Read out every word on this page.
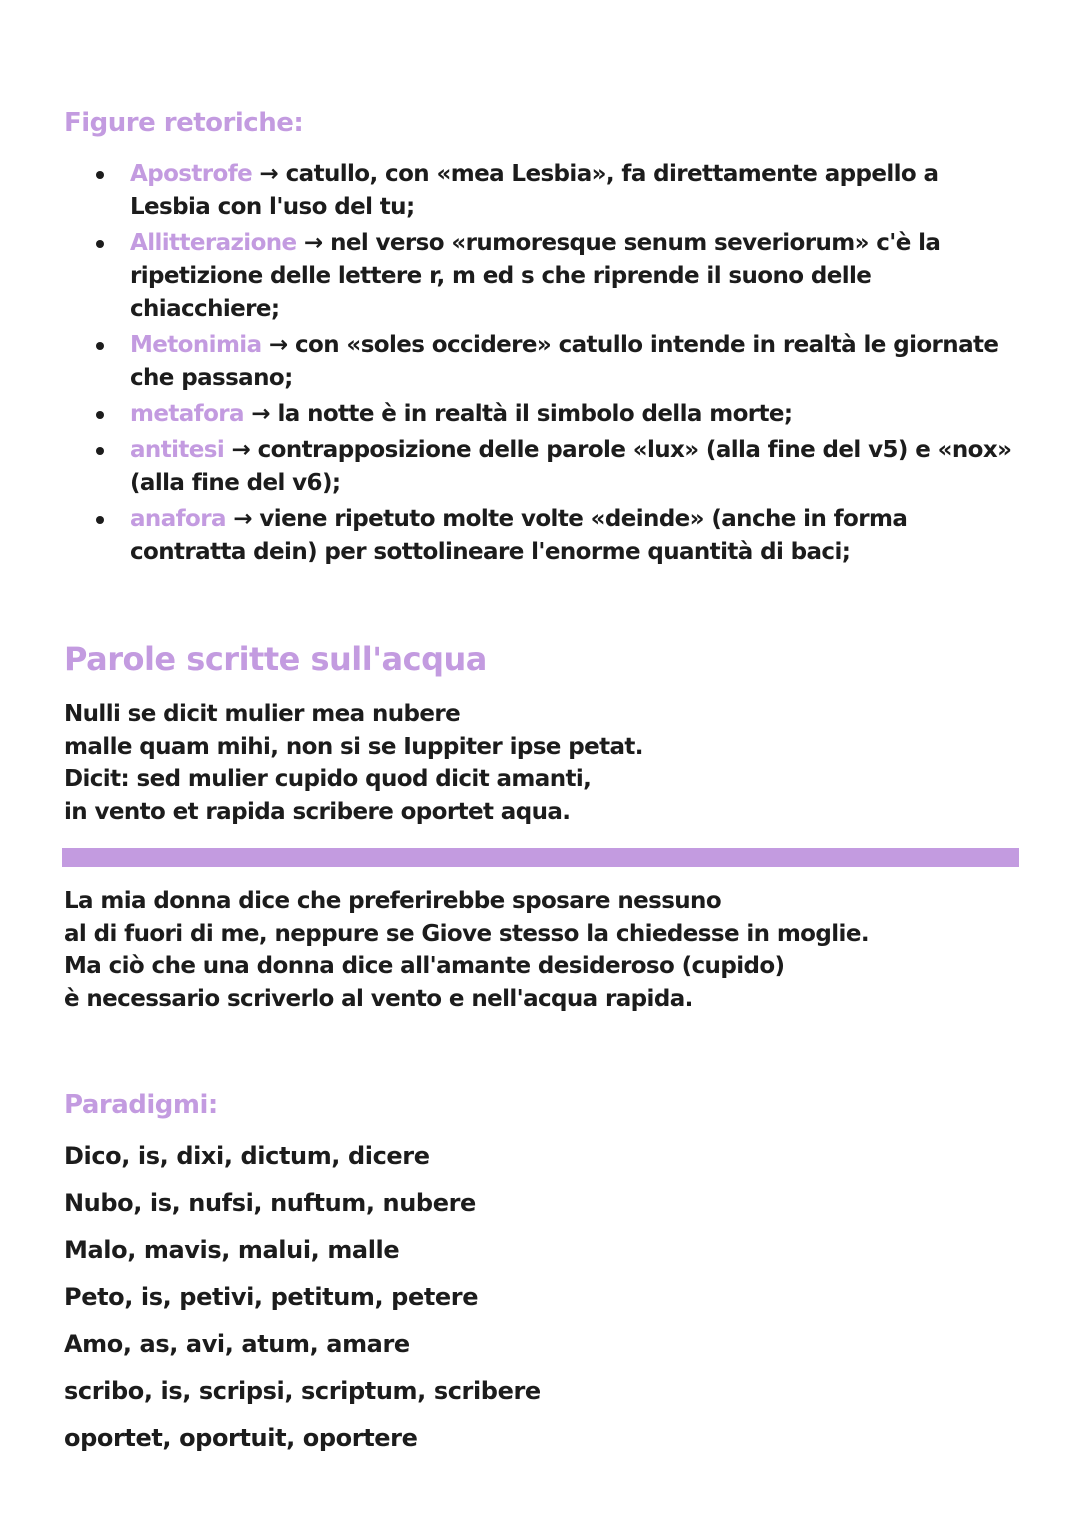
Figure retoriche:
Apostrofe → catullo, con «mea Lesbia», fa direttamente appello a Lesbia con l'uso del tu;
Allitterazione → nel verso «rumoresque senum severiorum» c'è la ripetizione delle lettere r, m ed s che riprende il suono delle chiacchiere;
Metonimia → con «soles occidere» catullo intende in realtà le giornate che passano;
metafora → la notte è in realtà il simbolo della morte;
antitesi → contrapposizione delle parole «lux» (alla fine del v5) e «nox» (alla fine del v6);
anafora → viene ripetuto molte volte «deinde» (anche in forma contratta dein) per sottolineare l'enorme quantità di baci;
Parole scritte sull'acqua
Nulli se dicit mulier mea nubere
malle quam mihi, non si se Iuppiter ipse petat.
Dicit: sed mulier cupido quod dicit amanti,
in vento et rapida scribere oportet aqua.
La mia donna dice che preferirebbe sposare nessuno
al di fuori di me, neppure se Giove stesso la chiedesse in moglie.
Ma ciò che una donna dice all'amante desideroso (cupido)
è necessario scriverlo al vento e nell'acqua rapida.
Paradigmi:
Dico, is, dixi, dictum, dicere
Nubo, is, nufsi, nuftum, nubere
Malo, mavis, malui, malle
Peto, is, petivi, petitum, petere
Amo, as, avi, atum, amare
scribo, is, scripsi, scriptum, scribere
oportet, oportuit, oportere
